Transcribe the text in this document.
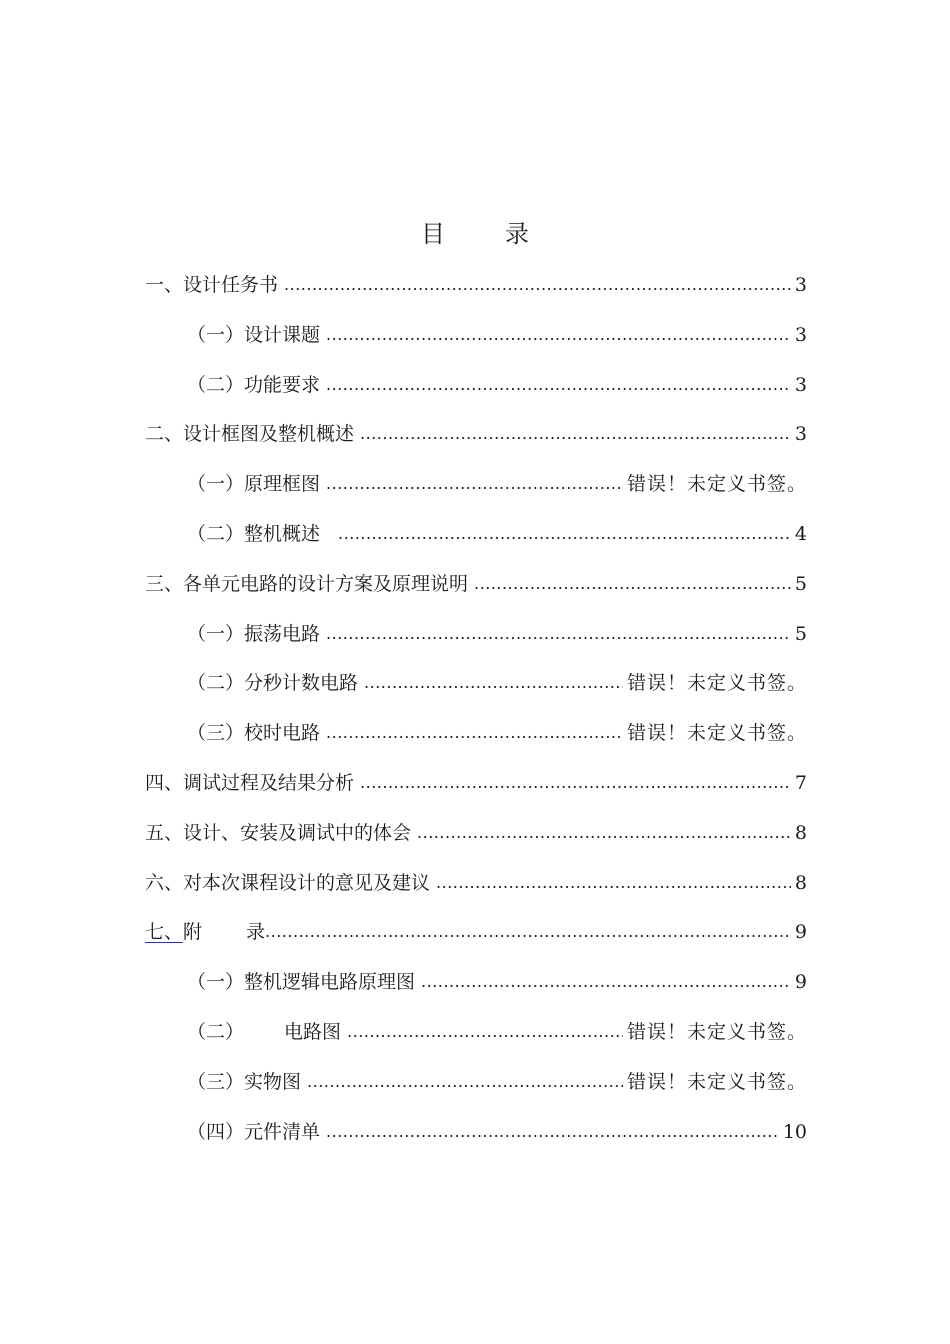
目	录
一、设计任务书 .....	3
（一）设计课题 .....	3
（二）功能要求 .....	3
二、设计框图及整机概述 .....	3
（一）原理框图 .....	错误！未定义书签。
（二）整机概述 .....	4
三、各单元电路的设计方案及原理说明 .....	5
（一）振荡电路 .....	5
（二）分秒计数电路 .....	错误！未定义书签。
（三）校时电路 .....	错误！未定义书签。
四、调试过程及结果分析 .....	7
五、设计、安装及调试中的体会 .....	8
六、对本次课程设计的意见及建议 .....	8
七、附 录 .....	9
（一）整机逻辑电路原理图 .....	9
（二） 电路图 .....	错误！未定义书签。
（三）实物图 .....	错误！未定义书签。
（四）元件清单 .....	10
